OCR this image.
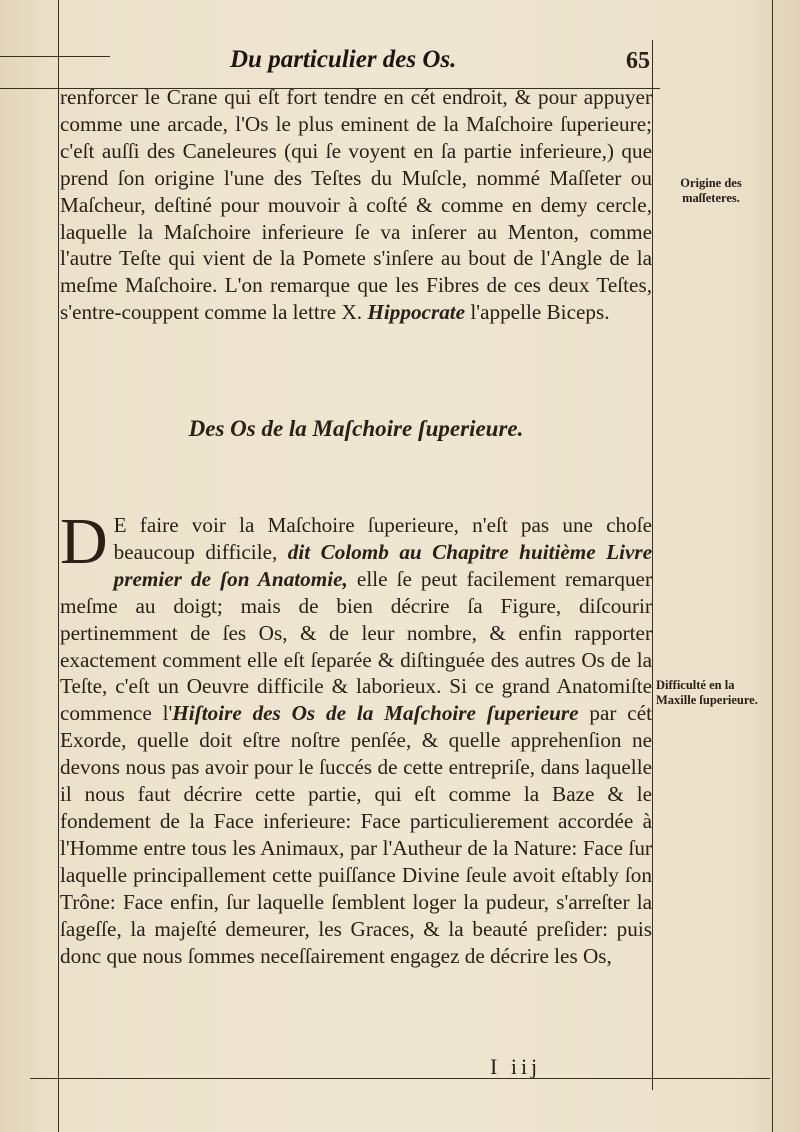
Du particulier des Os.	65

renforcer le Crane qui eſt fort tendre en cét endroit, & pour appuyer comme une arcade, l'Os le plus eminent de la Maſchoire ſuperieure; c'eſt auſſi des Caneleures (qui ſe voyent en ſa partie inferieure,) que prend ſon origine l'une des Teſtes du Muſcle, nommé Maſſeter ou Maſcheur, deſtiné pour mouvoir à coſté & comme en demy cercle, laquelle la Maſchoire inferieure ſe va inſerer au Menton, comme l'autre Teſte qui vient de la Pomete s'inſere au bout de l'Angle de la meſme Maſchoire. L'on remarque que les Fibres de ces deux Teſtes, s'entre-couppent comme la lettre X. Hippocrate l'appelle Biceps.

Des Os de la Maſchoire ſuperieure.

D E faire voir la Maſchoire ſuperieure, n'eſt pas une choſe beaucoup difficile, dit Colomb au Chapitre huitième Livre premier de ſon Anatomie, elle ſe peut facilement remarquer meſme au doigt; mais de bien décrire ſa Figure, diſcourir pertinemment de ſes Os, & de leur nombre, & enfin rapporter exactement comment elle eſt ſeparée & diſtinguée des autres Os de la Teſte, c'eſt un Oeuvre difficile & laborieux. Si ce grand Anatomiſte commence l'Hiſtoire des Os de la Maſchoire ſuperieure par cét Exorde, quelle doit eſtre noſtre penſée, & quelle apprehenſion ne devons nous pas avoir pour le ſuccés de cette entrepriſe, dans laquelle il nous faut décrire cette partie, qui eſt comme la Baze & le fondement de la Face inferieure: Face particulierement accordée à l'Homme entre tous les Animaux, par l'Autheur de la Nature: Face ſur laquelle principallement cette puiſſance Divine ſeule avoit eſtably ſon Trône: Face enfin, ſur laquelle ſemblent loger la pudeur, s'arreſter la ſageſſe, la majeſté demeurer, les Graces, & la beauté preſider: puis donc que nous ſommes neceſſairement engagez de décrire les Os,

Origine des maſſeteres.
Difficulté en la Maxille ſuperieure.
I iij
